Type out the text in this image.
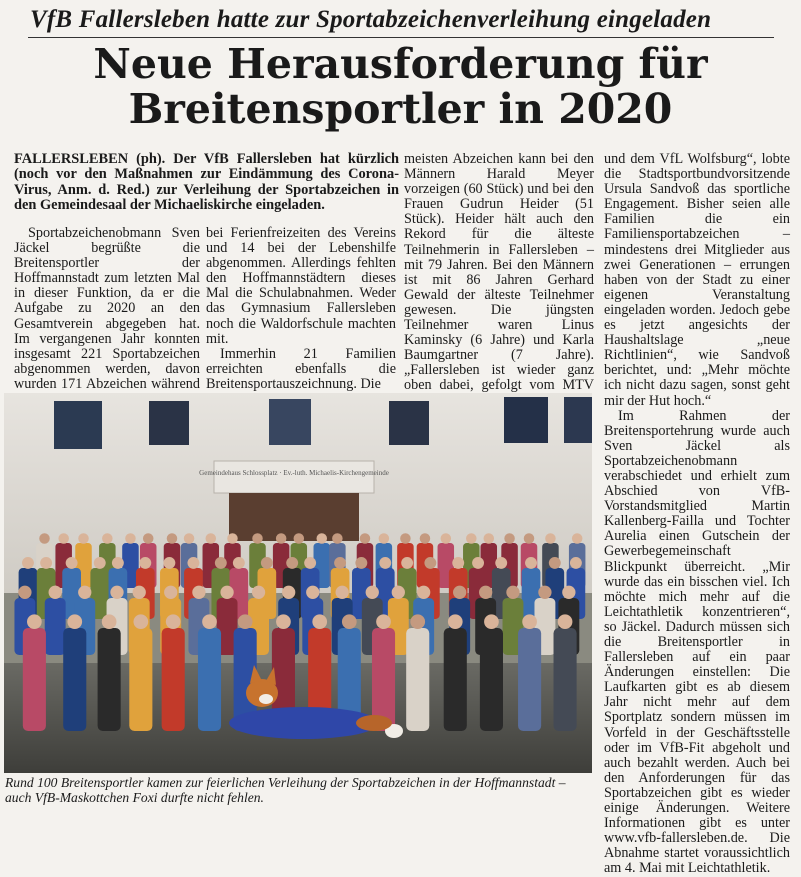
VfB Fallersleben hatte zur Sportabzeichenverleihung eingeladen
Neue Herausforderung für
Breitensportler in 2020
FALLERSLEBEN (ph). Der VfB Fallersleben hat kürzlich (noch vor den Maßnahmen zur Eindämmung des Corona-Virus, Anm. d. Red.) zur Verleihung der Sportabzeichen in den Gemeindesaal der Michaeliskirche eingeladen.
Sportabzeichenobmann Sven Jäckel begrüßte die Breitensportler der Hoffmannstadt zum letzten Mal in dieser Funktion, da er die Aufgabe zu 2020 an den Gesamtverein abgegeben hat. Im vergangenen Jahr konnten insgesamt 221 Sportabzeichen abgenommen werden, davon wurden 171 Abzeichen während
bei Ferienfreizeiten des Vereins und 14 bei der Lebenshilfe abgenommen. Allerdings fehlten den Hoffmannstädtern dieses Mal die Schulabnahmen. Weder das Gymnasium Fallersleben noch die Waldorfschule machten mit.
Immerhin 21 Familien erreichten ebenfalls die Breitensportauszeichnung. Die
meisten Abzeichen kann bei den Männern Harald Meyer vorzeigen (60 Stück) und bei den Frauen Gudrun Heider (51 Stück). Heider hält auch den Rekord für die älteste Teilnehmerin in Fallersleben – mit 79 Jahren. Bei den Männern ist mit 86 Jahren Gerhard Gewald der älteste Teilnehmer gewesen. Die jüngsten Teilnehmer waren Linus Kaminsky (6 Jahre) und Karla Baumgartner (7 Jahre). „Fallersleben ist wieder ganz oben dabei, gefolgt vom MTV
und dem VfL Wolfsburg“, lobte die Stadtsportbundvorsitzende Ursula Sandvoß das sportliche Engagement. Bisher seien alle Familien die ein Familiensportabzeichen – mindestens drei Mitglieder aus zwei Generationen – errungen haben von der Stadt zu einer eigenen Veranstaltung eingeladen worden. Jedoch gebe es jetzt angesichts der Haushaltslage „neue Richtlinien“, wie Sandvoß berichtet, und: „Mehr möchte ich nicht dazu sagen, sonst geht mir der Hut hoch.“
Im Rahmen der Breitensportehrung wurde auch Sven Jäckel als Sportabzeichenobmann verabschiedet und erhielt zum Abschied von VfB-Vorstandsmitglied Martin Kallenberg-Failla und Tochter Aurelia einen Gutschein der Gewerbegemeinschaft Blickpunkt überreicht. „Mir wurde das ein bisschen viel. Ich möchte mich mehr auf die Leichtathletik konzentrieren“, so Jäckel. Dadurch müssen sich die Breitensportler in Fallersleben auf ein paar Änderungen einstellen: Die Laufkarten gibt es ab diesem Jahr nicht mehr auf dem Sportplatz sondern müssen im Vorfeld in der Geschäftsstelle oder im VfB-Fit abgeholt und auch bezahlt werden. Auch bei den Anforderungen für das Sportabzeichen gibt es wieder einige Änderungen. Weitere Informationen gibt es unter www.vfb-fallersleben.de. Die Abnahme startet voraussichtlich am 4. Mai mit Leichtathletik.
Gemeindehaus Schlossplatz · Ev.-luth. Michaelis-Kirchengemeinde
Rund 100 Breitensportler kamen zur feierlichen Verleihung der Sportabzeichen in der Hoffmannstadt – auch VfB-Maskottchen Foxi durfte nicht fehlen.
